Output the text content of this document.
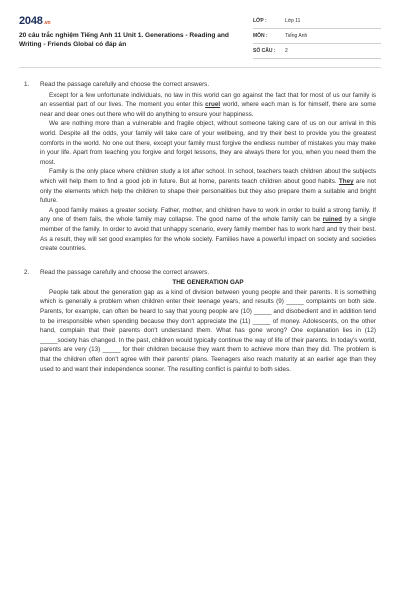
2048.vn
20 câu trắc nghiệm Tiếng Anh 11 Unit 1. Generations - Reading and Writing - Friends Global có đáp án
LỚP :	Lớp 11
MÔN :	Tiếng Anh
SỐ CÂU : 2
1. Read the passage carefully and choose the correct answers.

Except for a few unfortunate individuals, no law in this world can go against the fact that for most of us our family is an essential part of our lives. The moment you enter this cruel world, where each man is for himself, there are some near and dear ones out there who will do anything to ensure your happiness.

We are nothing more than a vulnerable and fragile object, without someone taking care of us on our arrival in this world. Despite all the odds, your family will take care of your wellbeing, and try their best to provide you the greatest comforts in the world. No one out there, except your family must forgive the endless number of mistakes you may make in your life. Apart from teaching you forgive and forget lessons, they are always there for you, when you need them the most.

Family is the only place where children study a lot after school. In school, teachers teach children about the subjects which will help them to find a good job in future. But at home, parents teach children about good habits. They are not only the elements which help the children to shape their personalities but they also prepare them a suitable and bright future.

A good family makes a greater society. Father, mother, and children have to work in order to build a strong family. If any one of them fails, the whole family may collapse. The good name of the whole family can be ruined by a single member of the family. In order to avoid that unhappy scenario, every family member has to work hard and try their best. As a result, they will set good examples for the whole society. Families have a powerful impact on society and societies create countries.

2. Read the passage carefully and choose the correct answers.

THE GENERATION GAP

People talk about the generation gap as a kind of division between young people and their parents. It is something which is generally a problem when children enter their teenage years, and results (9) _____ complaints on both side. Parents, for example, can often be heard to say that young people are (10) _____ and disobedient and in addition tend to be irresponsible when spending because they don't appreciate the (11) _____ of money. Adolescents, on the other hand, complain that their parents don't understand them. What has gone wrong? One explanation lies in (12) _____society has changed. In the past, children would typically continue the way of life of their parents. In today's world, parents are very (13) _____ for their children because they want them to achieve more than they did. The problem is that the children often don't agree with their parents' plans. Teenagers also reach maturity at an earlier age than they used to and want their independence sooner. The resulting conflict is painful to both sides.
